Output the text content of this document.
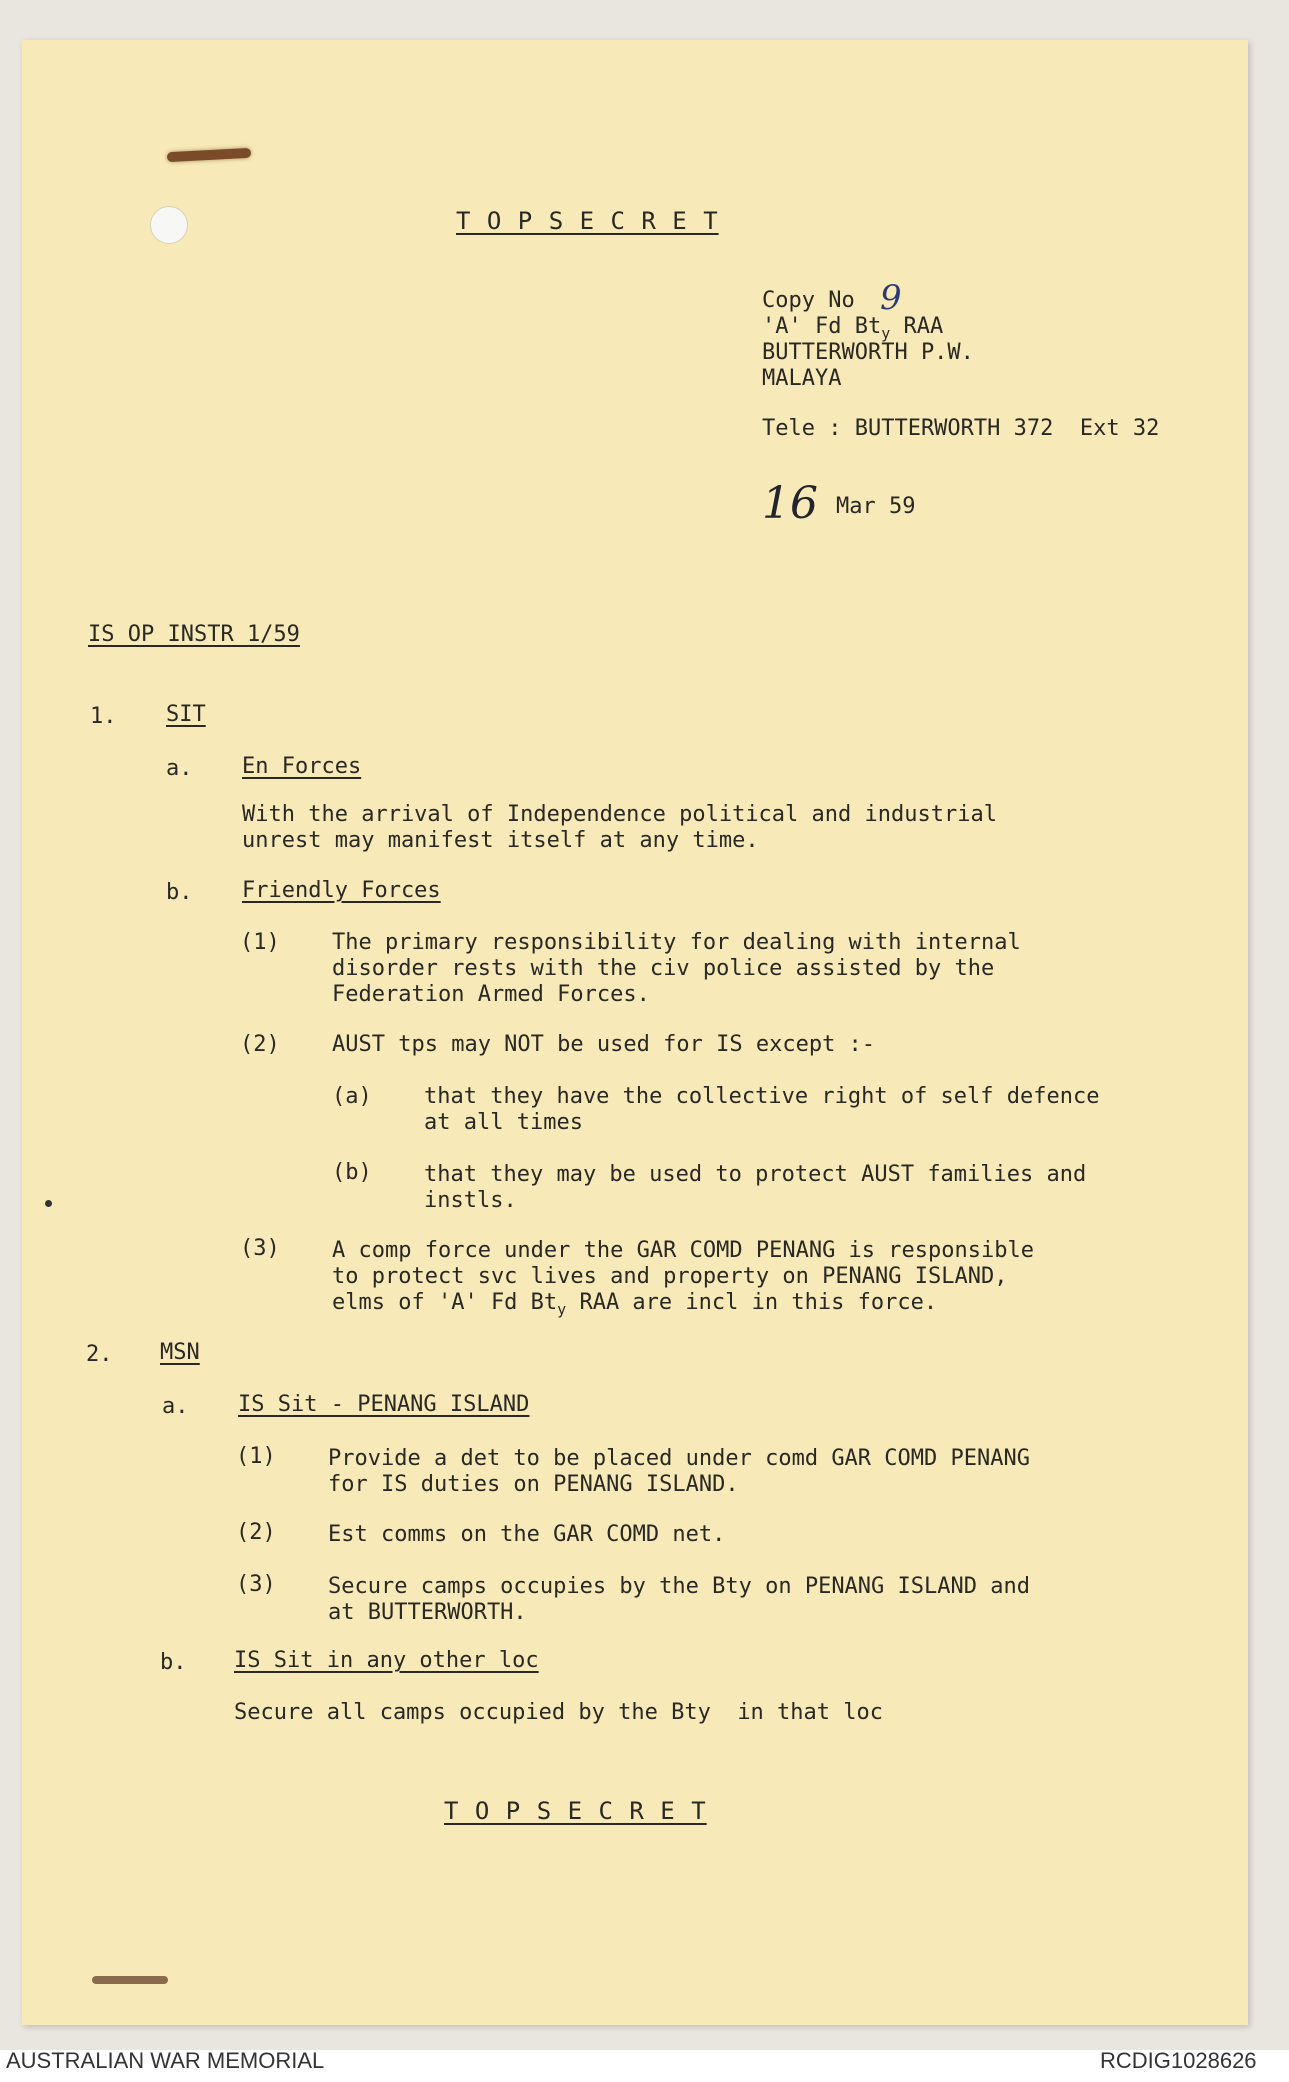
T O P S E C R E T
Copy No 9
'A' Fd $Bt_y$ RAA
BUTTERWORTH P.W.
MALAYA
Tele : BUTTERWORTH 372  Ext 32
16 Mar 59
IS OP INSTR 1/59
1. SIT
a. En Forces
With the arrival of Independence political and industrial
unrest may manifest itself at any time.
b. Friendly Forces
(1) The primary responsibility for dealing with internal
disorder rests with the civ police assisted by the
Federation Armed Forces.
(2) AUST tps may NOT be used for IS except :-
(a) that they have the collective right of self defence
at all times
(b) that they may be used to protect AUST families and
instls.
(3) A comp force under the GAR COMD PENANG is responsible
to protect svc lives and property on PENANG ISLAND,
elms of 'A' Fd $Bt_y$ RAA are incl in this force.
2. MSN
a. IS Sit - PENANG ISLAND
(1) Provide a det to be placed under comd GAR COMD PENANG
for IS duties on PENANG ISLAND.
(2) Est comms on the GAR COMD net.
(3) Secure camps occupies by the Bty on PENANG ISLAND and
at BUTTERWORTH.
b. IS Sit in any other loc
Secure all camps occupied by the Bty  in that loc
T O P S E C R E T
AUSTRALIAN WAR MEMORIAL	RCDIG1028626
